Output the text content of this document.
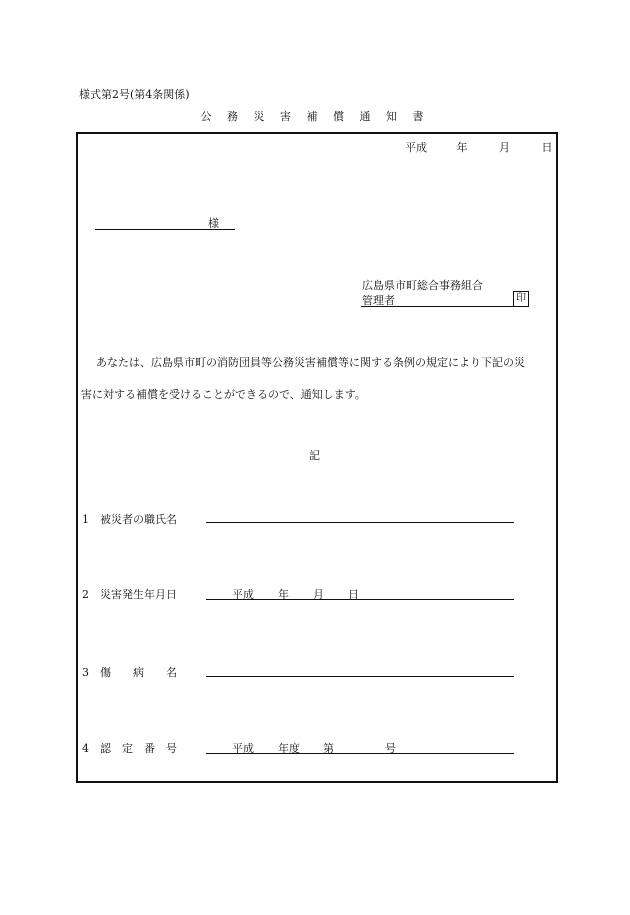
様式第2号(第4条関係)
公 務 災 害 補 償 通 知 書
平成	年	月	日
様
広島県市町総合事務組合
管理者	印
あなたは、広島県市町の消防団員等公務災害補償等に関する条例の規定により下記の災
害に対する補償を受けることができるので、通知します。
記
1　被災者の職氏名
2　災害発生年月日	平成 年 月 日
3　傷　　病　　名
4　認　定　番　号	平成 年度 第	号
